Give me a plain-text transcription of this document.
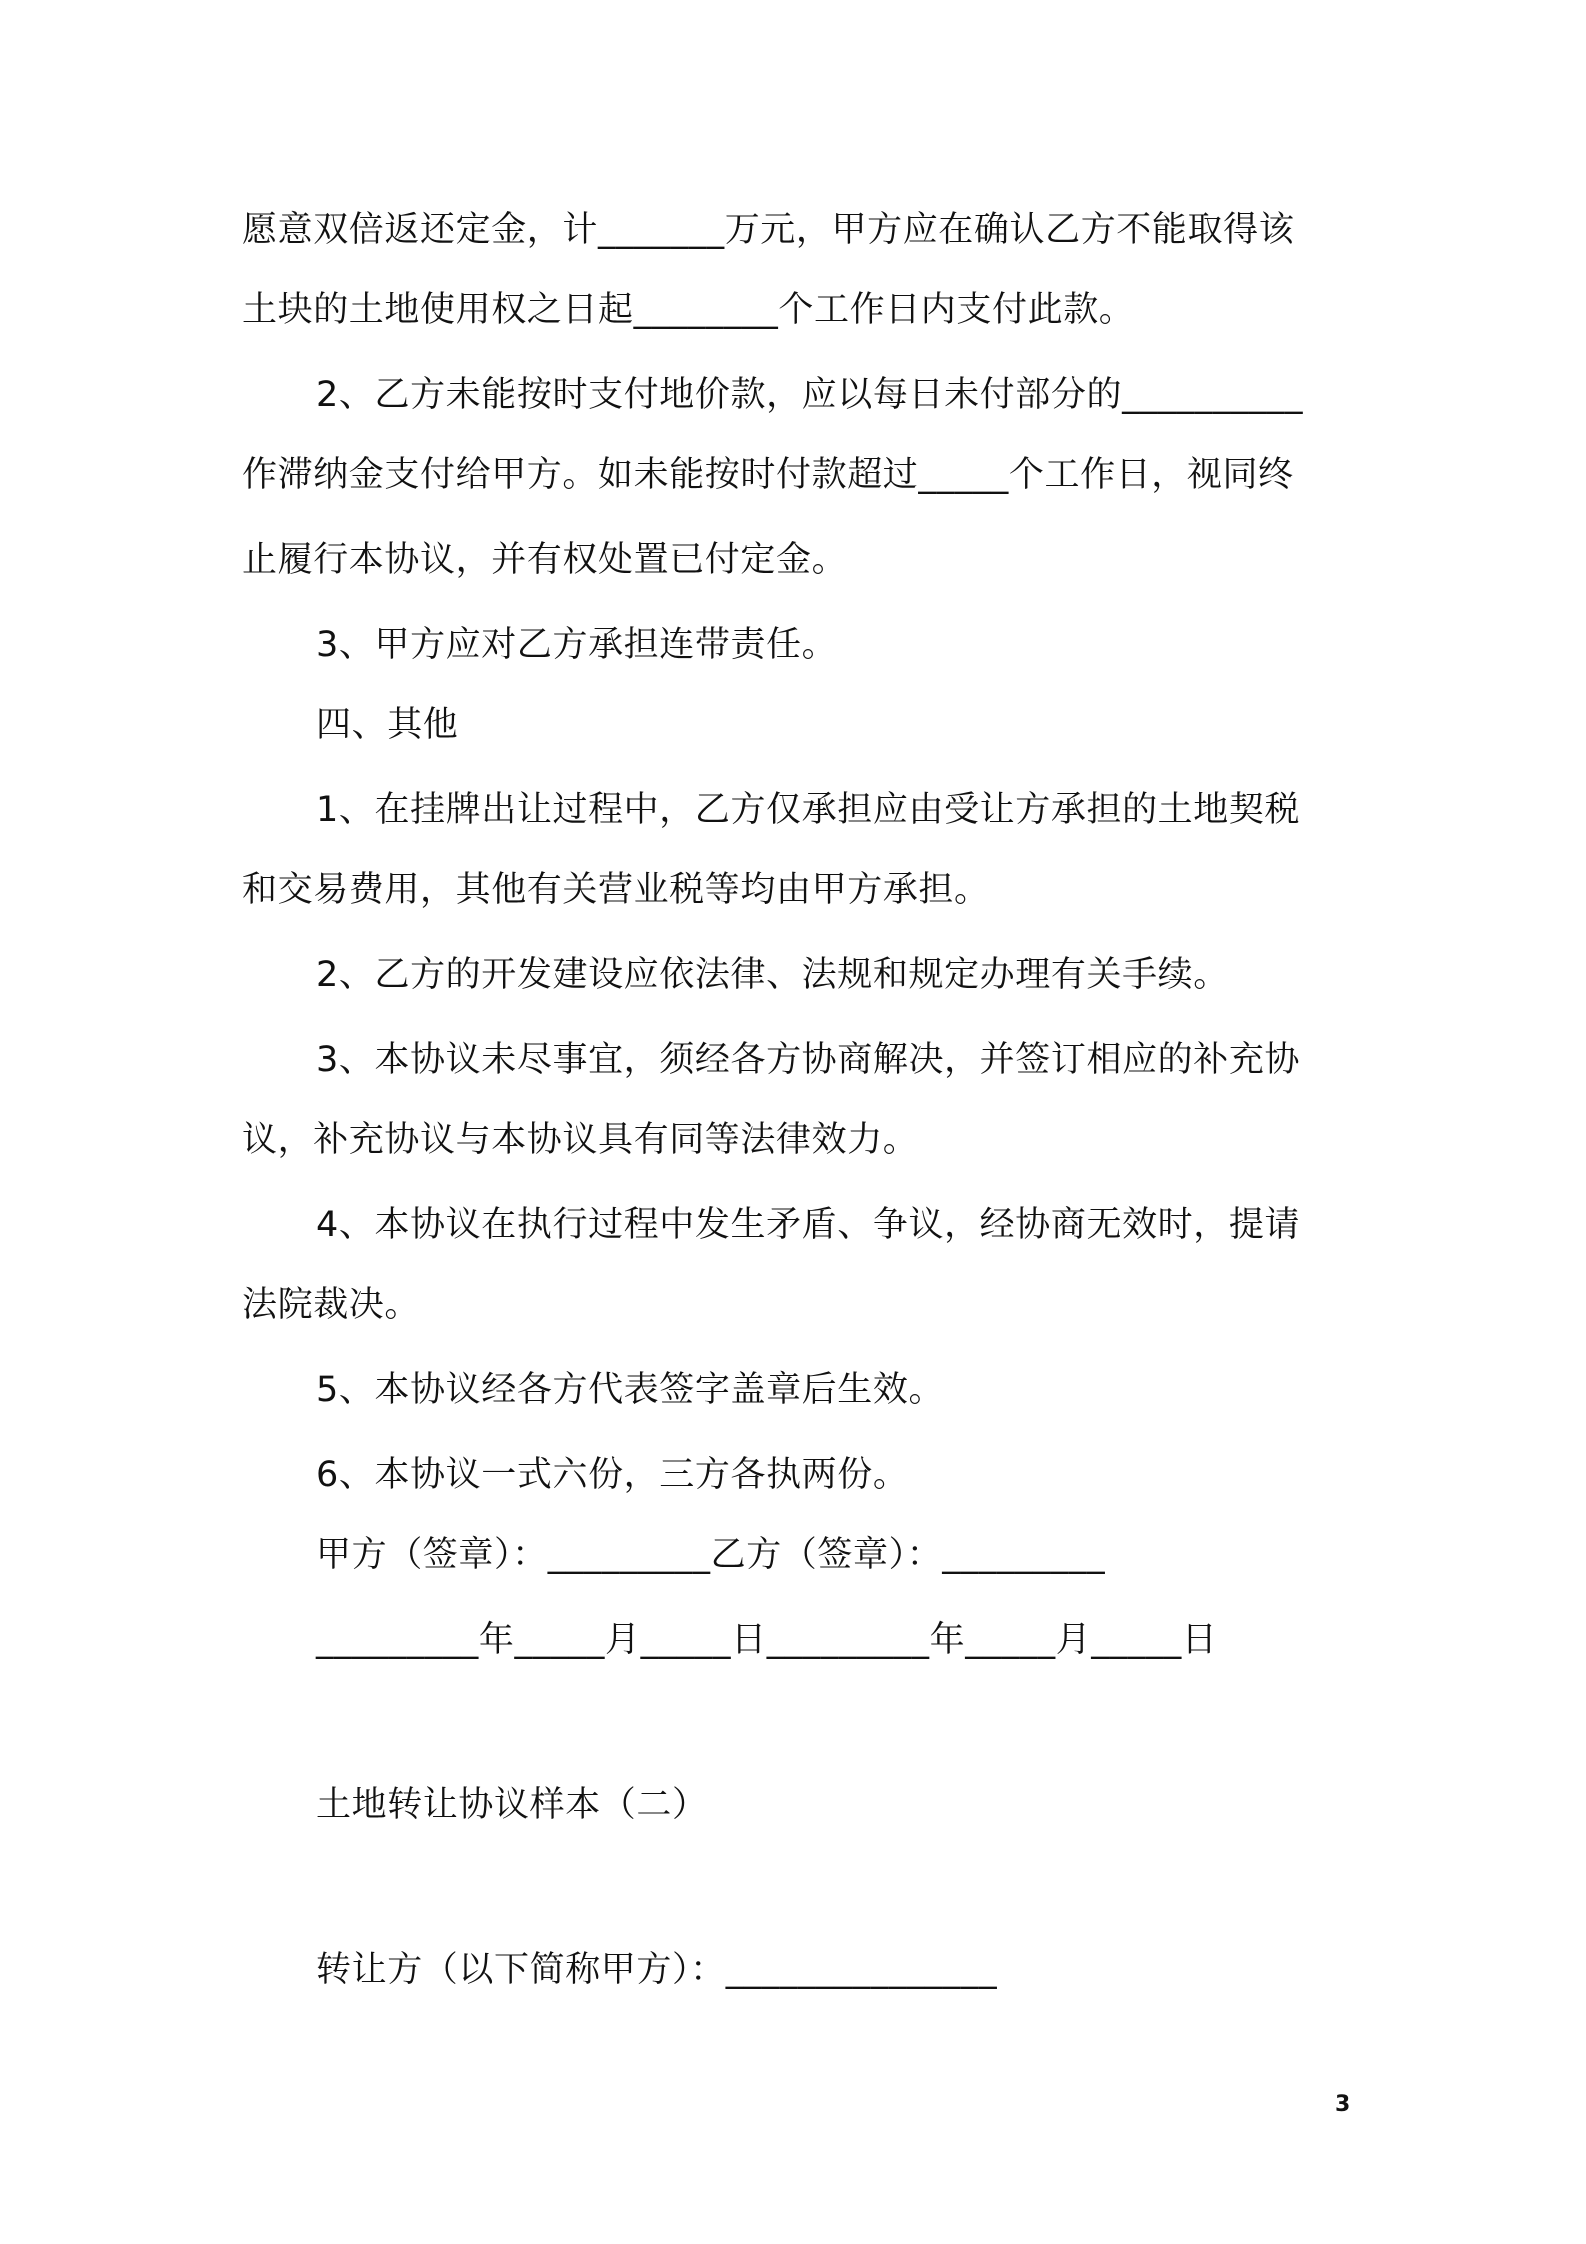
愿意双倍返还定金，计_______万元，甲方应在确认乙方不能取得该
土块的土地使用权之日起________个工作日内支付此款。
2、乙方未能按时支付地价款，应以每日未付部分的__________
作滞纳金支付给甲方。如未能按时付款超过_____个工作日，视同终
止履行本协议，并有权处置已付定金。
3、甲方应对乙方承担连带责任。
四、其他
1、在挂牌出让过程中，乙方仅承担应由受让方承担的土地契税
和交易费用，其他有关营业税等均由甲方承担。
2、乙方的开发建设应依法律、法规和规定办理有关手续。
3、本协议未尽事宜，须经各方协商解决，并签订相应的补充协
议，补充协议与本协议具有同等法律效力。
4、本协议在执行过程中发生矛盾、争议，经协商无效时，提请
法院裁决。
5、本协议经各方代表签字盖章后生效。
6、本协议一式六份，三方各执两份。
甲方（签章）：_________乙方（签章）：_________
_________年_____月_____日_________年_____月_____日
土地转让协议样本（二）
转让方（以下简称甲方）：_______________
3
